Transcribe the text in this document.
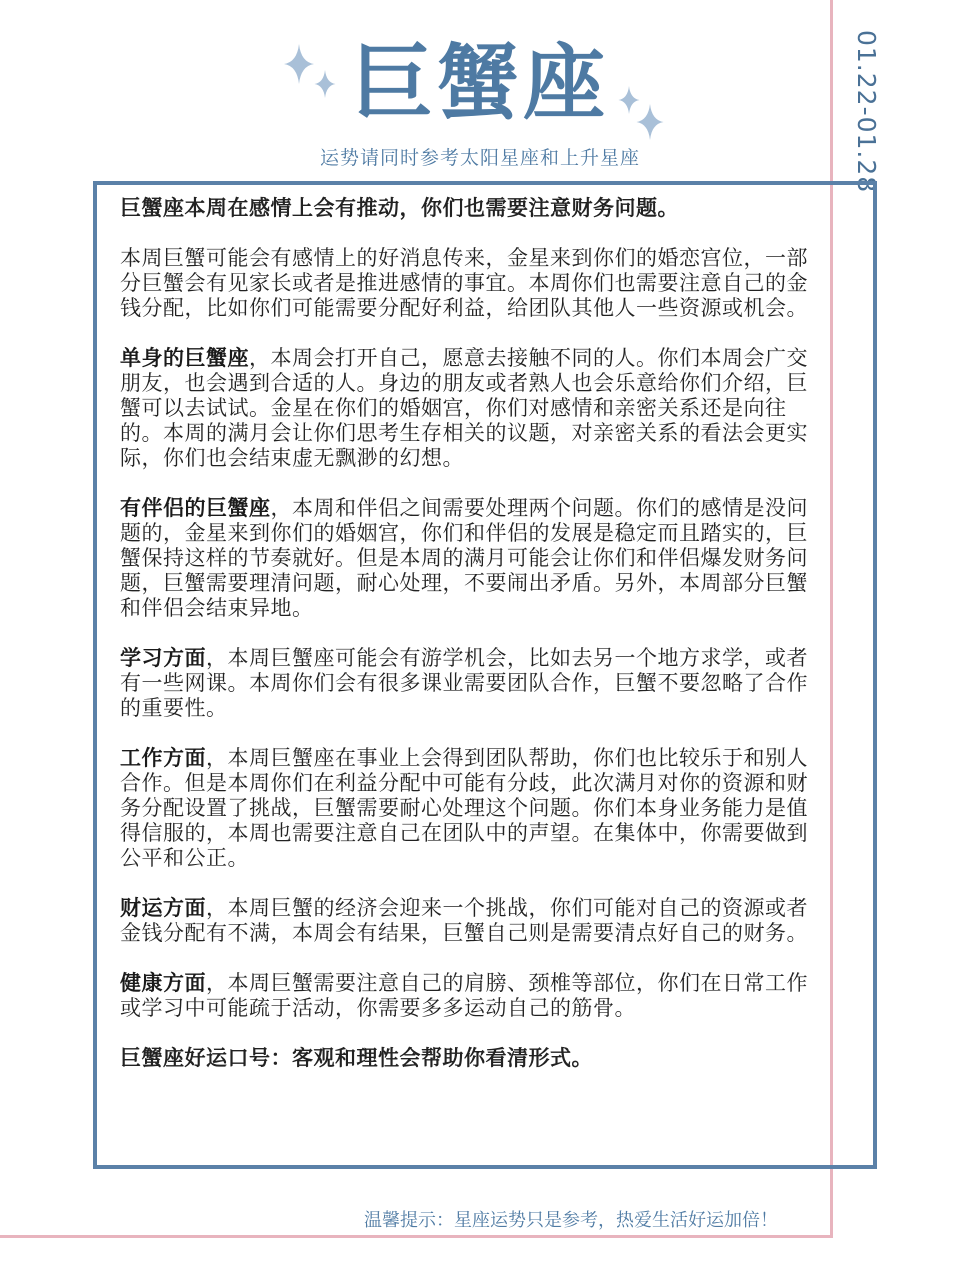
01.22-01.28
巨蟹座
运势请同时参考太阳星座和上升星座

巨蟹座本周在感情上会有推动，你们也需要注意财务问题。

本周巨蟹可能会有感情上的好消息传来，金星来到你们的婚恋宫位，一部分巨蟹会有见家长或者是推进感情的事宜。本周你们也需要注意自己的金钱分配，比如你们可能需要分配好利益，给团队其他人一些资源或机会。

单身的巨蟹座，本周会打开自己，愿意去接触不同的人。你们本周会广交朋友，也会遇到合适的人。身边的朋友或者熟人也会乐意给你们介绍，巨蟹可以去试试。金星在你们的婚姻宫，你们对感情和亲密关系还是向往的。本周的满月会让你们思考生存相关的议题，对亲密关系的看法会更实际，你们也会结束虚无飘渺的幻想。

有伴侣的巨蟹座，本周和伴侣之间需要处理两个问题。你们的感情是没问题的，金星来到你们的婚姻宫，你们和伴侣的发展是稳定而且踏实的，巨蟹保持这样的节奏就好。但是本周的满月可能会让你们和伴侣爆发财务问题，巨蟹需要理清问题，耐心处理，不要闹出矛盾。另外，本周部分巨蟹和伴侣会结束异地。

学习方面，本周巨蟹座可能会有游学机会，比如去另一个地方求学，或者有一些网课。本周你们会有很多课业需要团队合作，巨蟹不要忽略了合作的重要性。

工作方面，本周巨蟹座在事业上会得到团队帮助，你们也比较乐于和别人合作。但是本周你们在利益分配中可能有分歧，此次满月对你的资源和财务分配设置了挑战，巨蟹需要耐心处理这个问题。你们本身业务能力是值得信服的，本周也需要注意自己在团队中的声望。在集体中，你需要做到公平和公正。

财运方面，本周巨蟹的经济会迎来一个挑战，你们可能对自己的资源或者金钱分配有不满，本周会有结果，巨蟹自己则是需要清点好自己的财务。

健康方面，本周巨蟹需要注意自己的肩膀、颈椎等部位，你们在日常工作或学习中可能疏于活动，你需要多多运动自己的筋骨。

巨蟹座好运口号：客观和理性会帮助你看清形式。

温馨提示：星座运势只是参考，热爱生活好运加倍！
